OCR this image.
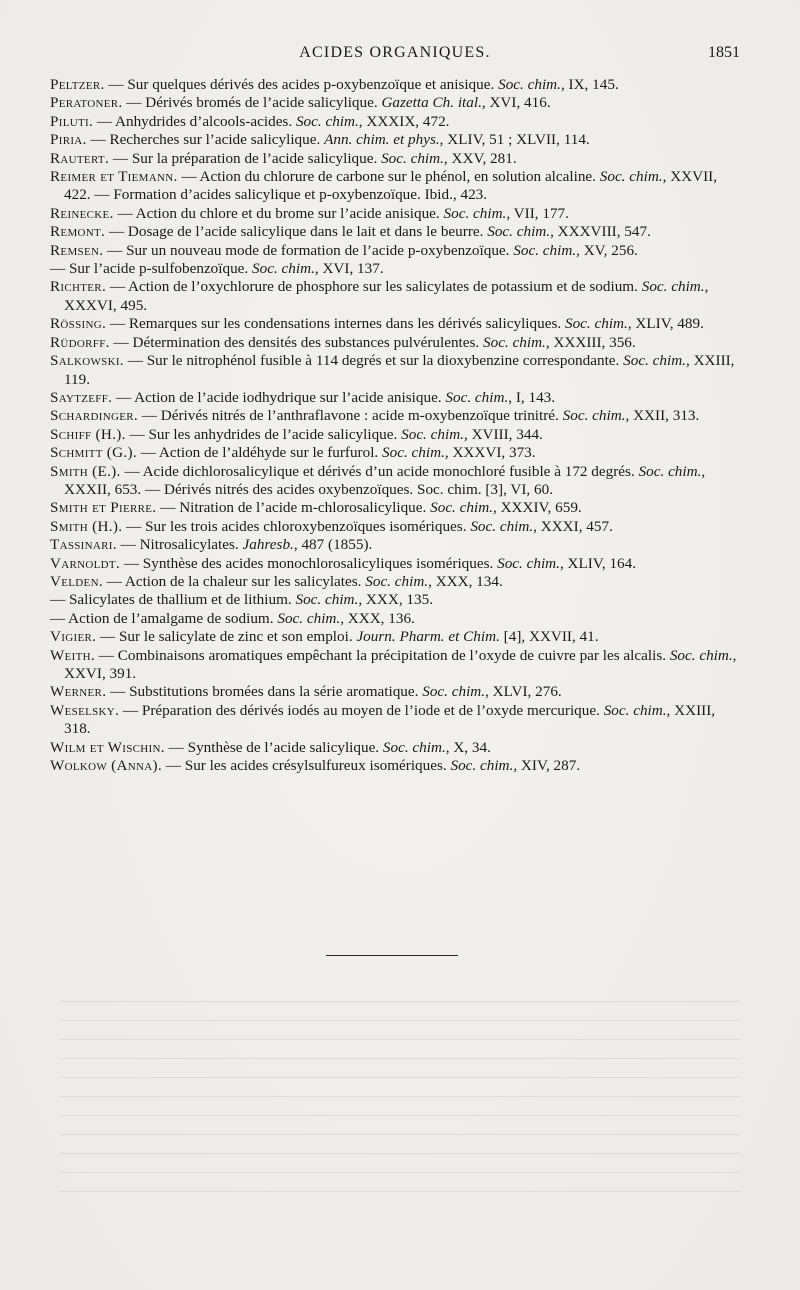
ACIDES ORGANIQUES.	1851

Peltzer. — Sur quelques dérivés des acides p-oxybenzoïque et anisique. Soc. chim., IX, 145.

Peratoner. — Dérivés bromés de l’acide salicylique. Gazetta Ch. ital., XVI, 416.

Piluti. — Anhydrides d’alcools-acides. Soc. chim., XXXIX, 472.

Piria. — Recherches sur l’acide salicylique. Ann. chim. et phys., XLIV, 51 ; XLVII, 114.

Rautert. — Sur la préparation de l’acide salicylique. Soc. chim., XXV, 281.

Reimer et Tiemann. — Action du chlorure de carbone sur le phénol, en solution alcaline. Soc. chim., XXVII, 422. — Formation d’acides salicylique et p-oxybenzoïque. Ibid., 423.

Reinecke. — Action du chlore et du brome sur l’acide anisique. Soc. chim., VII, 177.

Remont. — Dosage de l’acide salicylique dans le lait et dans le beurre. Soc. chim., XXXVIII, 547.

Remsen. — Sur un nouveau mode de formation de l’acide p-oxybenzoïque. Soc. chim., XV, 256.

— Sur l’acide p-sulfobenzoïque. Soc. chim., XVI, 137.

Richter. — Action de l’oxychlorure de phosphore sur les salicylates de potassium et de sodium. Soc. chim., XXXVI, 495.

Rössing. — Remarques sur les condensations internes dans les dérivés salicyliques. Soc. chim., XLIV, 489.

Rüdorff. — Détermination des densités des substances pulvérulentes. Soc. chim., XXXIII, 356.

Salkowski. — Sur le nitrophénol fusible à 114 degrés et sur la dioxybenzine correspondante. Soc. chim., XXIII, 119.

Saytzeff. — Action de l’acide iodhydrique sur l’acide anisique. Soc. chim., I, 143.

Schardinger. — Dérivés nitrés de l’anthraflavone : acide m-oxybenzoïque trinitré. Soc. chim., XXII, 313.

Schiff (H.). — Sur les anhydrides de l’acide salicylique. Soc. chim., XVIII, 344.

Schmitt (G.). — Action de l’aldéhyde sur le furfurol. Soc. chim., XXXVI, 373.

Smith (E.). — Acide dichlorosalicylique et dérivés d’un acide monochloré fusible à 172 degrés. Soc. chim., XXXII, 653. — Dérivés nitrés des acides oxybenzoïques. Soc. chim. [3], VI, 60.

Smith et Pierre. — Nitration de l’acide m-chlorosalicylique. Soc. chim., XXXIV, 659.

Smith (H.). — Sur les trois acides chloroxybenzoïques isomériques. Soc. chim., XXXI, 457.

Tassinari. — Nitrosalicylates. Jahresb., 487 (1855).

Varnoldt. — Synthèse des acides monochlorosalicyliques isomériques. Soc. chim., XLIV, 164.

Velden. — Action de la chaleur sur les salicylates. Soc. chim., XXX, 134.

— Salicylates de thallium et de lithium. Soc. chim., XXX, 135.

— Action de l’amalgame de sodium. Soc. chim., XXX, 136.

Vigier. — Sur le salicylate de zinc et son emploi. Journ. Pharm. et Chim. [4], XXVII, 41.

Weith. — Combinaisons aromatiques empêchant la précipitation de l’oxyde de cuivre par les alcalis. Soc. chim., XXVI, 391.

Werner. — Substitutions bromées dans la série aromatique. Soc. chim., XLVI, 276.

Weselsky. — Préparation des dérivés iodés au moyen de l’iode et de l’oxyde mercurique. Soc. chim., XXIII, 318.

Wilm et Wischin. — Synthèse de l’acide salicylique. Soc. chim., X, 34.

Wolkow (Anna). — Sur les acides crésylsulfureux isomériques. Soc. chim., XIV, 287.
